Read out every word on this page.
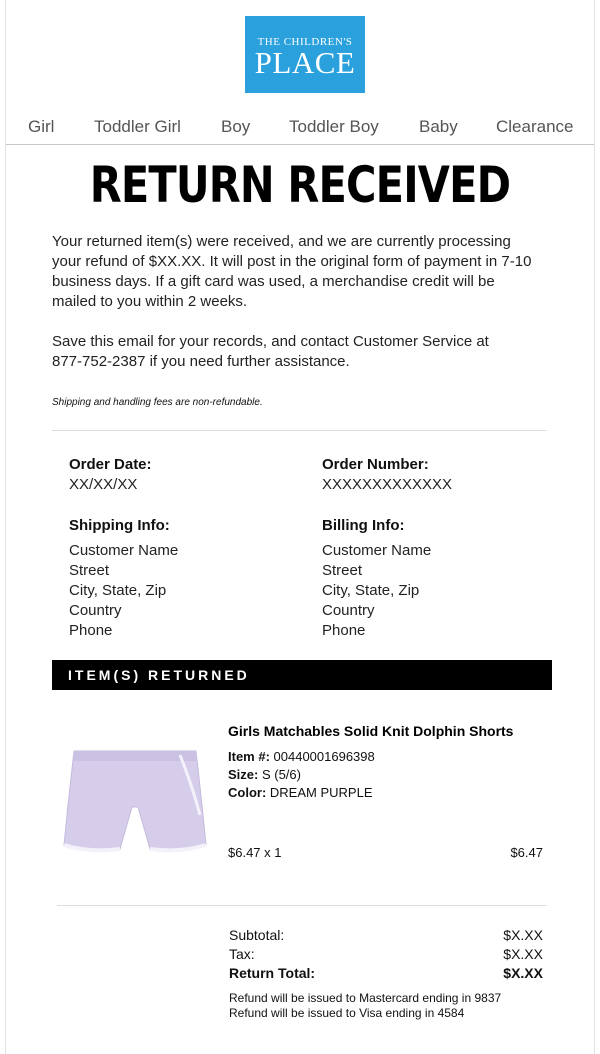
THE CHILDREN'S
PLACE
Girl Toddler Girl Boy Toddler Boy Baby Clearance
RETURN RECEIVED
Your returned item(s) were received, and we are currently processing
your refund of $XX.XX. It will post in the original form of payment in 7-10
business days. If a gift card was used, a merchandise credit will be
mailed to you within 2 weeks.
Save this email for your records, and contact Customer Service at
877-752-2387 if you need further assistance.
Shipping and handling fees are non-refundable.
Order Date:
XX/XX/XX
Order Number:
XXXXXXXXXXXXX
Shipping Info:
Customer Name
Street
City, State, Zip
Country
Phone
Billing Info:
Customer Name
Street
City, State, Zip
Country
Phone
ITEM(S) RETURNED
Girls Matchables Solid Knit Dolphin Shorts
Item #: 00440001696398
Size: S (5/6)
Color: DREAM PURPLE
$6.47 x 1	$6.47
Subtotal:	$X.XX
Tax:	$X.XX
Return Total:	$X.XX
Refund will be issued to Mastercard ending in 9837
Refund will be issued to Visa ending in 4584
